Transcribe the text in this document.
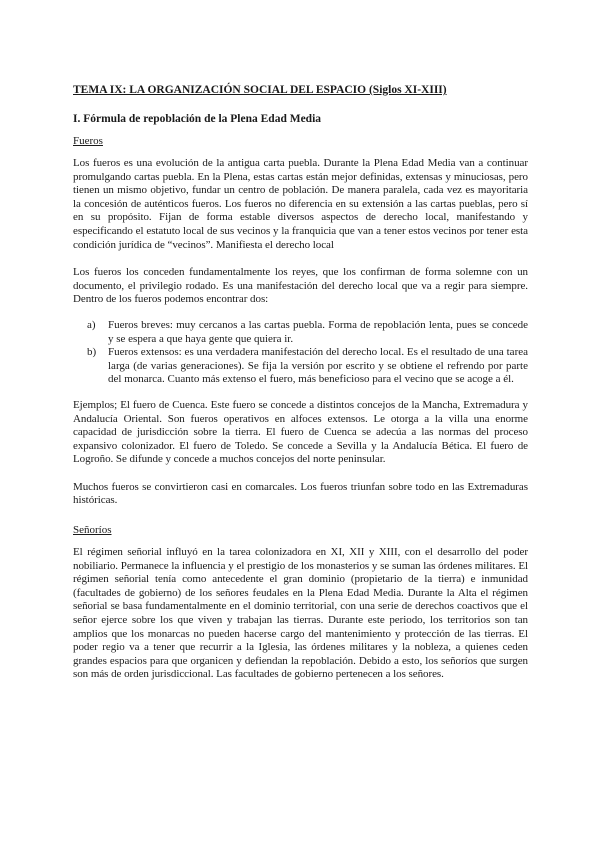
TEMA IX: LA ORGANIZACIÓN SOCIAL DEL ESPACIO (Siglos XI-XIII)
I. Fórmula de repoblación de la Plena Edad Media
Fueros

Los fueros es una evolución de la antigua carta puebla. Durante la Plena Edad Media van a continuar promulgando cartas puebla. En la Plena, estas cartas están mejor definidas, extensas y minuciosas, pero tienen un mismo objetivo, fundar un centro de población. De manera paralela, cada vez es mayoritaria la concesión de auténticos fueros. Los fueros no diferencia en su extensión a las cartas pueblas, pero sí en su propósito. Fijan de forma estable diversos aspectos de derecho local, manifestando y especificando el estatuto local de sus vecinos y la franquicia que van a tener estos vecinos por tener esta condición jurídica de “vecinos”. Manifiesta el derecho local

Los fueros los conceden fundamentalmente los reyes, que los confirman de forma solemne con un documento, el privilegio rodado. Es una manifestación del derecho local que va a regir para siempre. Dentro de los fueros podemos encontrar dos:

a) Fueros breves: muy cercanos a las cartas puebla. Forma de repoblación lenta, pues se concede y se espera a que haya gente que quiera ir.
b) Fueros extensos: es una verdadera manifestación del derecho local. Es el resultado de una tarea larga (de varias generaciones). Se fija la versión por escrito y se obtiene el refrendo por parte del monarca. Cuanto más extenso el fuero, más beneficioso para el vecino que se acoge a él.

Ejemplos; El fuero de Cuenca. Este fuero se concede a distintos concejos de la Mancha, Extremadura y Andalucía Oriental. Son fueros operativos en alfoces extensos. Le otorga a la villa una enorme capacidad de jurisdicción sobre la tierra. El fuero de Cuenca se adecúa a las normas del proceso expansivo colonizador. El fuero de Toledo. Se concede a Sevilla y la Andalucía Bética. El fuero de Logroño. Se difunde y concede a muchos concejos del norte peninsular.

Muchos fueros se convirtieron casi en comarcales. Los fueros triunfan sobre todo en las Extremaduras históricas.

Señoríos

El régimen señorial influyó en la tarea colonizadora en XI, XII y XIII, con el desarrollo del poder nobiliario. Permanece la influencia y el prestigio de los monasterios y se suman las órdenes militares. El régimen señorial tenía como antecedente el gran dominio (propietario de la tierra) e inmunidad (facultades de gobierno) de los señores feudales en la Plena Edad Media. Durante la Alta el régimen señorial se basa fundamentalmente en el dominio territorial, con una serie de derechos coactivos que el señor ejerce sobre los que viven y trabajan las tierras. Durante este periodo, los territorios son tan amplios que los monarcas no pueden hacerse cargo del mantenimiento y protección de las tierras. El poder regio va a tener que recurrir a la Iglesia, las órdenes militares y la nobleza, a quienes ceden grandes espacios para que organicen y defiendan la repoblación. Debido a esto, los señoríos que surgen son más de orden jurisdiccional. Las facultades de gobierno pertenecen a los señores.
